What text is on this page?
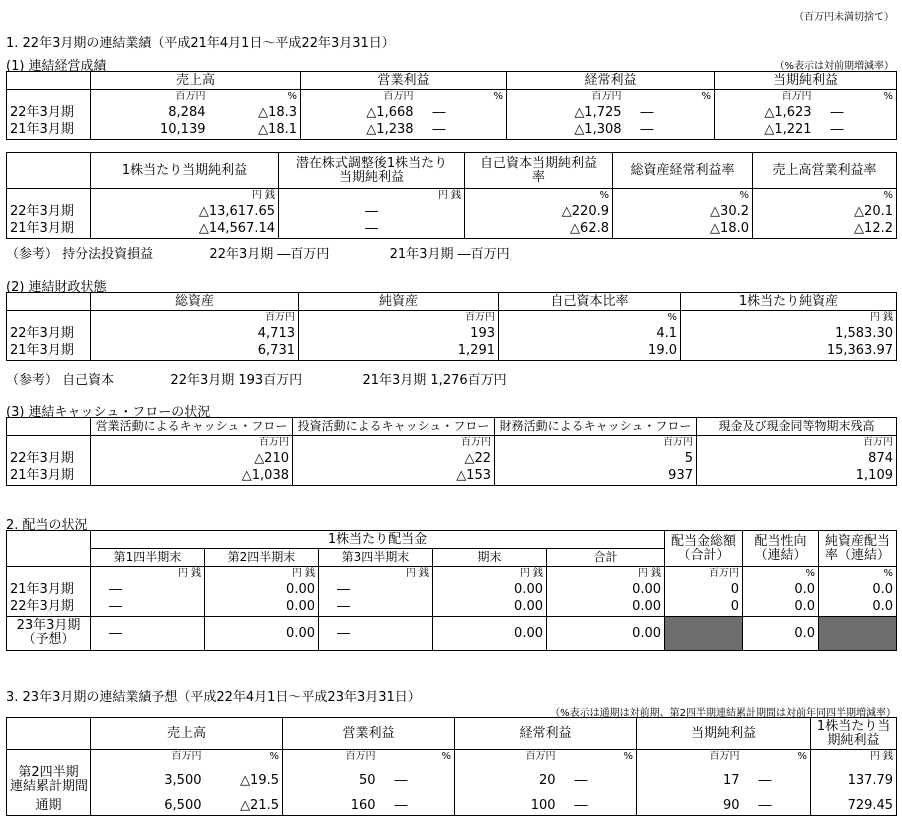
（百万円未満切捨て）
1. 22年3月期の連結業績（平成21年4月1日～平成22年3月31日）
(1) 連結経営成績	（%表示は対前期増減率）
	売上高		営業利益		経常利益		当期純利益	
	百万円	%	百万円	%	百万円	%	百万円	%
22年3月期	8,284	△18.3	△1,668	―	△1,725	―	△1,623	―
21年3月期	10,139	△18.1	△1,238	―	△1,308	―	△1,221	―
	1株当たり当期純利益	潜在株式調整後1株当たり当期純利益	自己資本当期純利益率	総資産経常利益率	売上高営業利益率
	円 銭	円 銭	%	%	%
22年3月期	△13,617.65	―	△220.9	△30.2	△20.1
21年3月期	△14,567.14	―	△62.8	△18.0	△12.2
（参考） 持分法投資損益	22年3月期 ―百万円	21年3月期 ―百万円
(2) 連結財政状態
	総資産	純資産	自己資本比率	1株当たり純資産
	百万円	百万円	%	円 銭
22年3月期	4,713	193	4.1	1,583.30
21年3月期	6,731	1,291	19.0	15,363.97
（参考） 自己資本	22年3月期 193百万円	21年3月期 1,276百万円
(3) 連結キャッシュ・フローの状況
	営業活動によるキャッシュ・フロー	投資活動によるキャッシュ・フロー	財務活動によるキャッシュ・フロー	現金及び現金同等物期末残高
	百万円	百万円	百万円	百万円
22年3月期	△210	△22	5	874
21年3月期	△1,038	△153	937	1,109
2. 配当の状況
	1株当たり配当金					配当金総額（合計）	配当性向（連結）	純資産配当率（連結）
	第1四半期末	第2四半期末	第3四半期末	期末	合計			
	円 銭	円 銭	円 銭	円 銭	円 銭	百万円	%	%
21年3月期	―	0.00	―	0.00	0.00	0	0.0	0.0
22年3月期	―	0.00	―	0.00	0.00	0	0.0	0.0

23年3月期
（予想）	―	0.00	―	0.00	0.00		0.0	
3. 23年3月期の連結業績予想（平成22年4月1日～平成23年3月31日）
（%表示は通期は対前期、第2四半期連結累計期間は対前年同四半期増減率）
	売上高		営業利益		経常利益		当期純利益		1株当たり当期純利益
	百万円	%	百万円	%	百万円	%	百万円	%	円 銭

第2四半期
連結累計期間	3,500	△19.5	50	―	20	―	17	―	137.79
通期	6,500	△21.5	160	―	100	―	90	―	729.45
